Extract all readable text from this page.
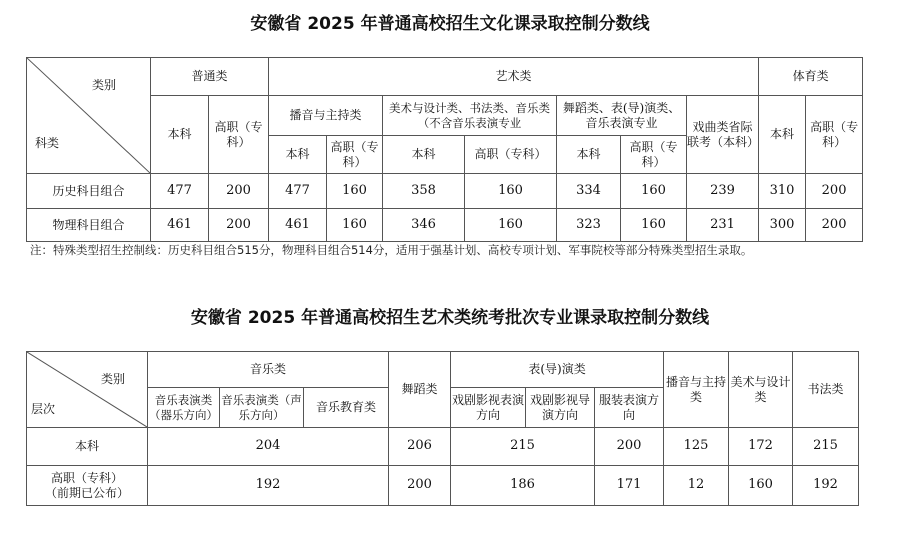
安徽省 2025 年普通高校招生文化课录取控制分数线
类别
科类	普通类		艺术类							体育类	
	本科	高职（专科）	播音与主持类		美术与设计类、书法类、音乐类（不含音乐表演专业		舞蹈类、表(导)演类、音乐表演专业		戏曲类省际联考（本科）	本科	高职（专科）
			本科	高职（专科）	本科	高职（专科）	本科	高职（专科）			
历史科目组合	477	200	477	160	358	160	334	160	239	310	200
物理科目组合	461	200	461	160	346	160	323	160	231	300	200
注：特殊类型招生控制线：历史科目组合515分，物理科目组合514分，适用于强基计划、高校专项计划、军事院校等部分特殊类型招生录取。
安徽省 2025 年普通高校招生艺术类统考批次专业课录取控制分数线
类别
层次	音乐类			舞蹈类	表(导)演类			播音与主持类	美术与设计类	书法类
	音乐表演类（器乐方向）	音乐表演类（声乐方向）	音乐教育类		戏剧影视表演方向	戏剧影视导演方向	服装表演方向			
本科	204			206	215		200	125	172	215

高职（专科）
（前期已公布）	192			200	186		171	12	160	192
